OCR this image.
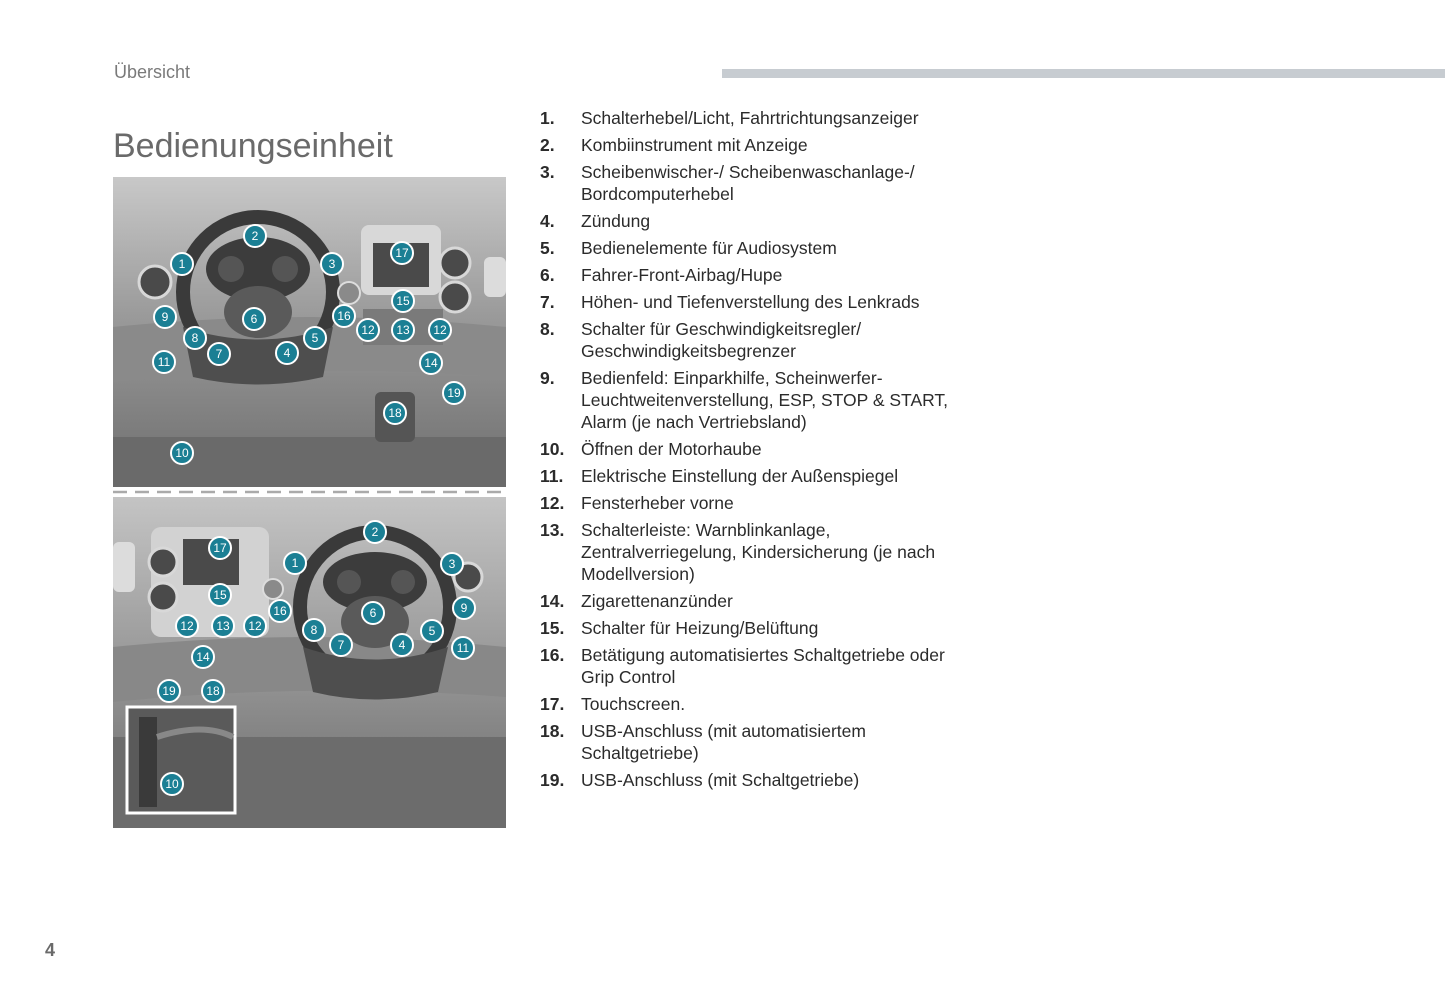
Übersicht
Bedienungseinheit
1
2
3
4
5
6
7
8
9
10
11
12 13 12
14
15
16
17
18
19
1
2
3
4
5
6
7
8
9
10
11
12 13 12
14
15
16
17
18
19
1.	Schalterhebel/Licht, Fahrtrichtungsanzeiger
2.	Kombiinstrument mit Anzeige
3.	Scheibenwischer-/ Scheibenwaschanlage-/ Bordcomputerhebel
4.	Zündung
5.	Bedienelemente für Audiosystem
6.	Fahrer-Front-Airbag/Hupe
7.	Höhen- und Tiefenverstellung des Lenkrads
8.	Schalter für Geschwindigkeitsregler/ Geschwindigkeitsbegrenzer
9.	Bedienfeld: Einparkhilfe, Scheinwerfer-Leuchtweitenverstellung, ESP, STOP & START, Alarm (je nach Vertriebsland)
10. Öffnen der Motorhaube
11.	Elektrische Einstellung der Außenspiegel
12. Fensterheber vorne
13. Schalterleiste: Warnblinkanlage, Zentralverriegelung, Kindersicherung (je nach Modellversion)
14. Zigarettenanzünder
15. Schalter für Heizung/Belüftung
16. Betätigung automatisiertes Schaltgetriebe oder Grip Control
17. Touchscreen.
18. USB-Anschluss (mit automatisiertem Schaltgetriebe)
19. USB-Anschluss (mit Schaltgetriebe)
4
